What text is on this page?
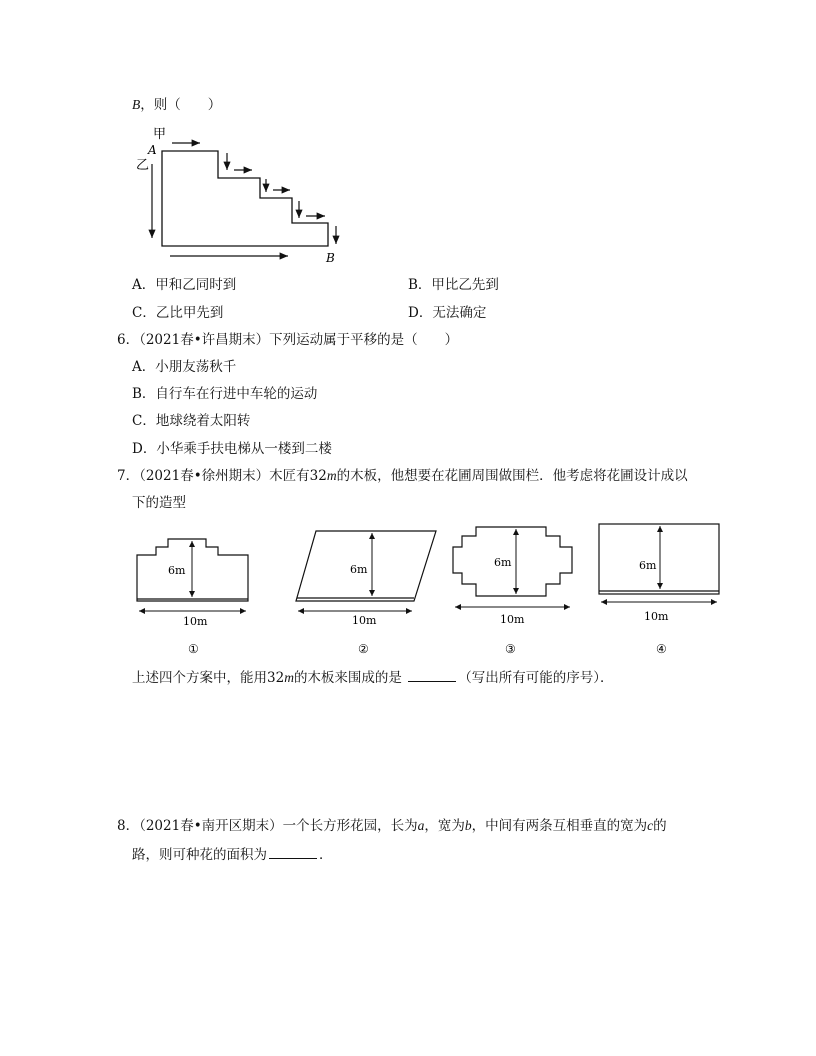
B，则（　　）
甲
A
乙
B
A．甲和乙同时到	B．甲比乙先到
C．乙比甲先到	D．无法确定
6．（2021春•许昌期末）下列运动属于平移的是（　　）
A．小朋友荡秋千
B．自行车在行进中车轮的运动
C．地球绕着太阳转
D．小华乘手扶电梯从一楼到二楼
7．（2021春•徐州期末）木匠有32m的木板，他想要在花圃周围做围栏．他考虑将花圃设计成以
下的造型
6m
10m
①
6m
10m
②
6m
10m
③
6m
10m
④
上述四个方案中，能用32m的木板来围成的是	（写出所有可能的序号）．
8．（2021春•南开区期末）一个长方形花园，长为a，宽为b，中间有两条互相垂直的宽为c的
路，则可种花的面积为	．
